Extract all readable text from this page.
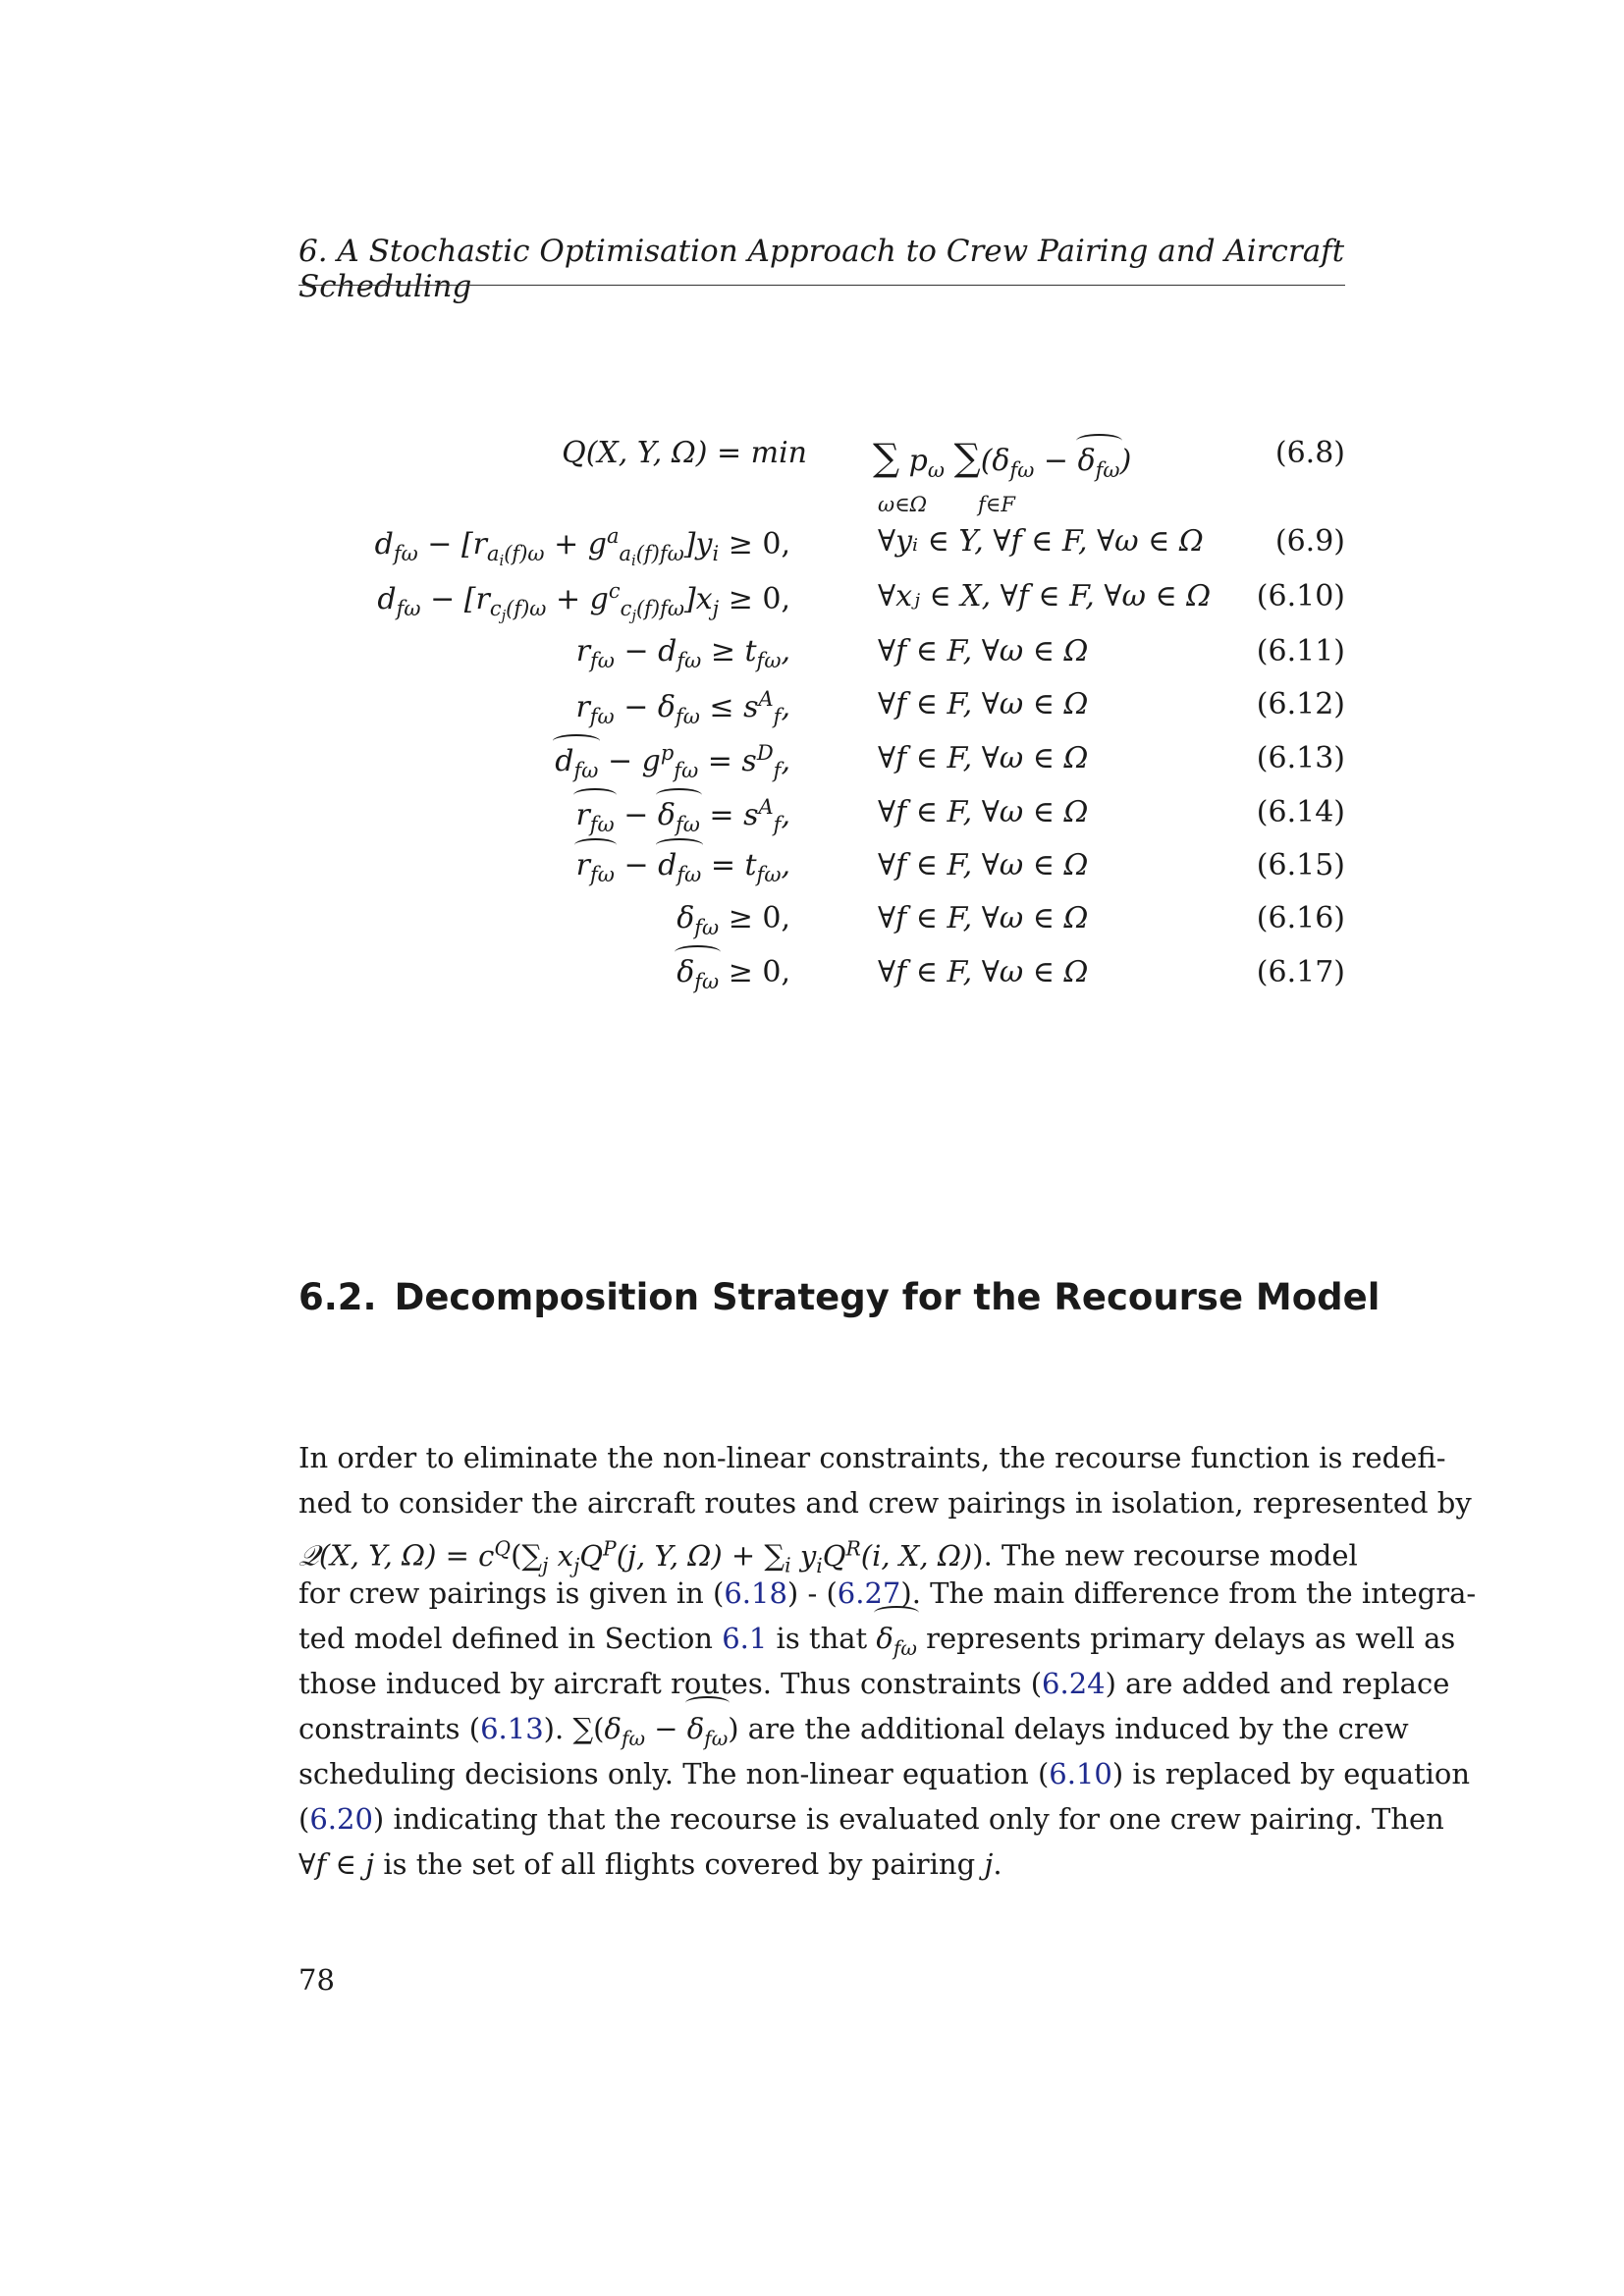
6. A Stochastic Optimisation Approach to Crew Pairing and Aircraft Scheduling
Q(X, Y, Ω) = min ∑ $p_\omega$ $\sum(\delta_{f\omega} - \delta_{f\omega})$
ω∈Ω f∈F
(6.8)
$d_{f\omega} - [r_{a_i(f)\omega} + g^a_{a_i(f)f\omega}]y_i \ge 0$,	∀yᵢ ∈ Y, ∀f ∈ F, ∀ω ∈ Ω (6.9)
$d_{f\omega} - [r_{c_j(f)\omega} + g^c_{c_j(f)f\omega}]x_j \ge 0$,	∀xⱼ ∈ X, ∀f ∈ F, ∀ω ∈ Ω (6.10)
$r_{f\omega} - d_{f\omega} \ge t_{f\omega}$,	∀f ∈ F, ∀ω ∈ Ω	(6.11)
$r_{f\omega} - \delta_{f\omega} \le s^A_f$,	∀f ∈ F, ∀ω ∈ Ω	(6.12)
$d_{f\omega} - g^p_{f\omega} = s^D_f$,	∀f ∈ F, ∀ω ∈ Ω	(6.13)
$r_{f\omega} - \delta_{f\omega} = s^A_f$,	∀f ∈ F, ∀ω ∈ Ω	(6.14)
$r_{f\omega} - d_{f\omega} = t_{f\omega}$,	∀f ∈ F, ∀ω ∈ Ω	(6.15)
$\delta_{f\omega} \ge 0$,	∀f ∈ F, ∀ω ∈ Ω	(6.16)
$\delta_{f\omega} \ge 0$,	∀f ∈ F, ∀ω ∈ Ω	(6.17)
6.2. Decomposition Strategy for the Recourse Model
In order to eliminate the non-linear constraints, the recourse function is redefi-
ned to consider the aircraft routes and crew pairings in isolation, represented by
𝒬(X, Y, $\Omega) = c^Q(\sum_j$ $x_jQ^P(j$, Y, $\Omega) + \sum_i$ $y_iQ^R(i$, X, Ω)). The new recourse model
for crew pairings is given in (6.18) - (6.27). The main difference from the integra-
ted model defined in Section 6.1 is that $\delta_{f\omega}$ represents primary delays as well as
those induced by aircraft routes. Thus constraints (6.24) are added and replace
constraints (6.13). $\sum(\delta_{f\omega} - \delta_{f\omega})$ are the additional delays induced by the crew
scheduling decisions only. The non-linear equation (6.10) is replaced by equation
(6.20) indicating that the recourse is evaluated only for one crew pairing. Then
∀f ∈ j is the set of all flights covered by pairing j.
78
